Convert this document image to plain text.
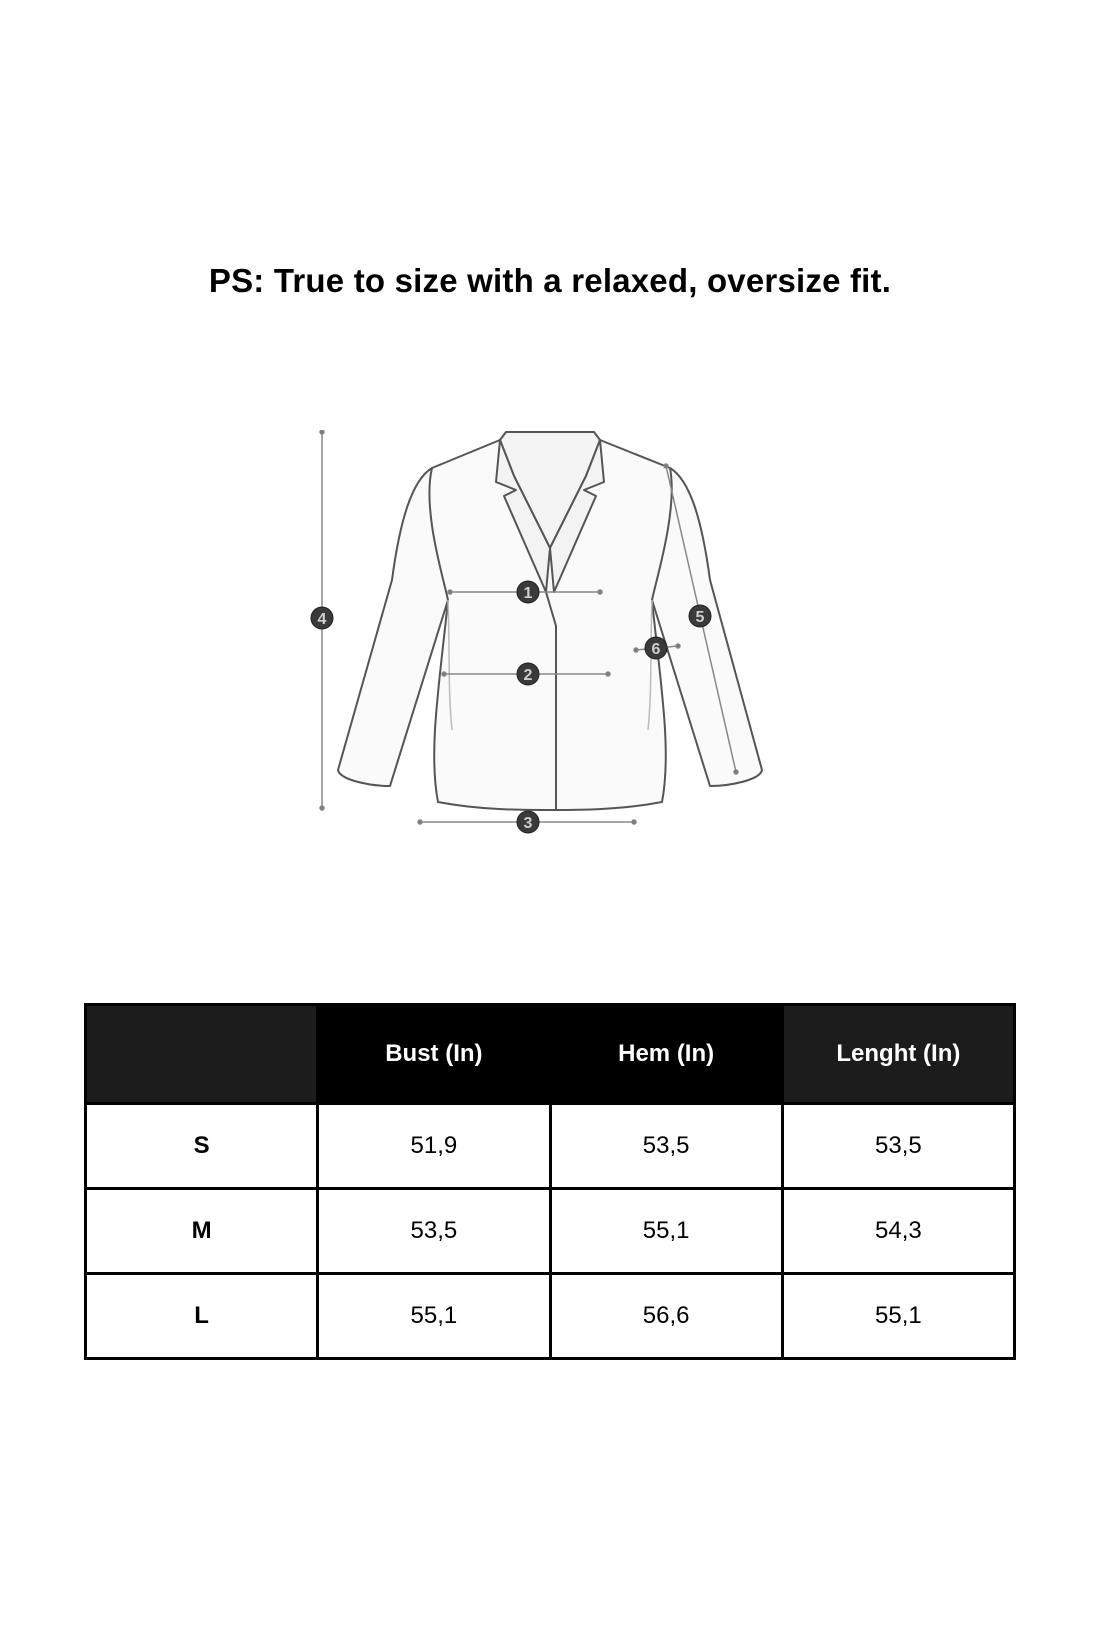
PS: True to size with a relaxed, oversize fit.
1
2
3
4	5
6
	Bust (In)	Hem (In)	Lenght (In)
S	51,9	53,5	53,5
M	53,5	55,1	54,3
L	55,1	56,6	55,1
